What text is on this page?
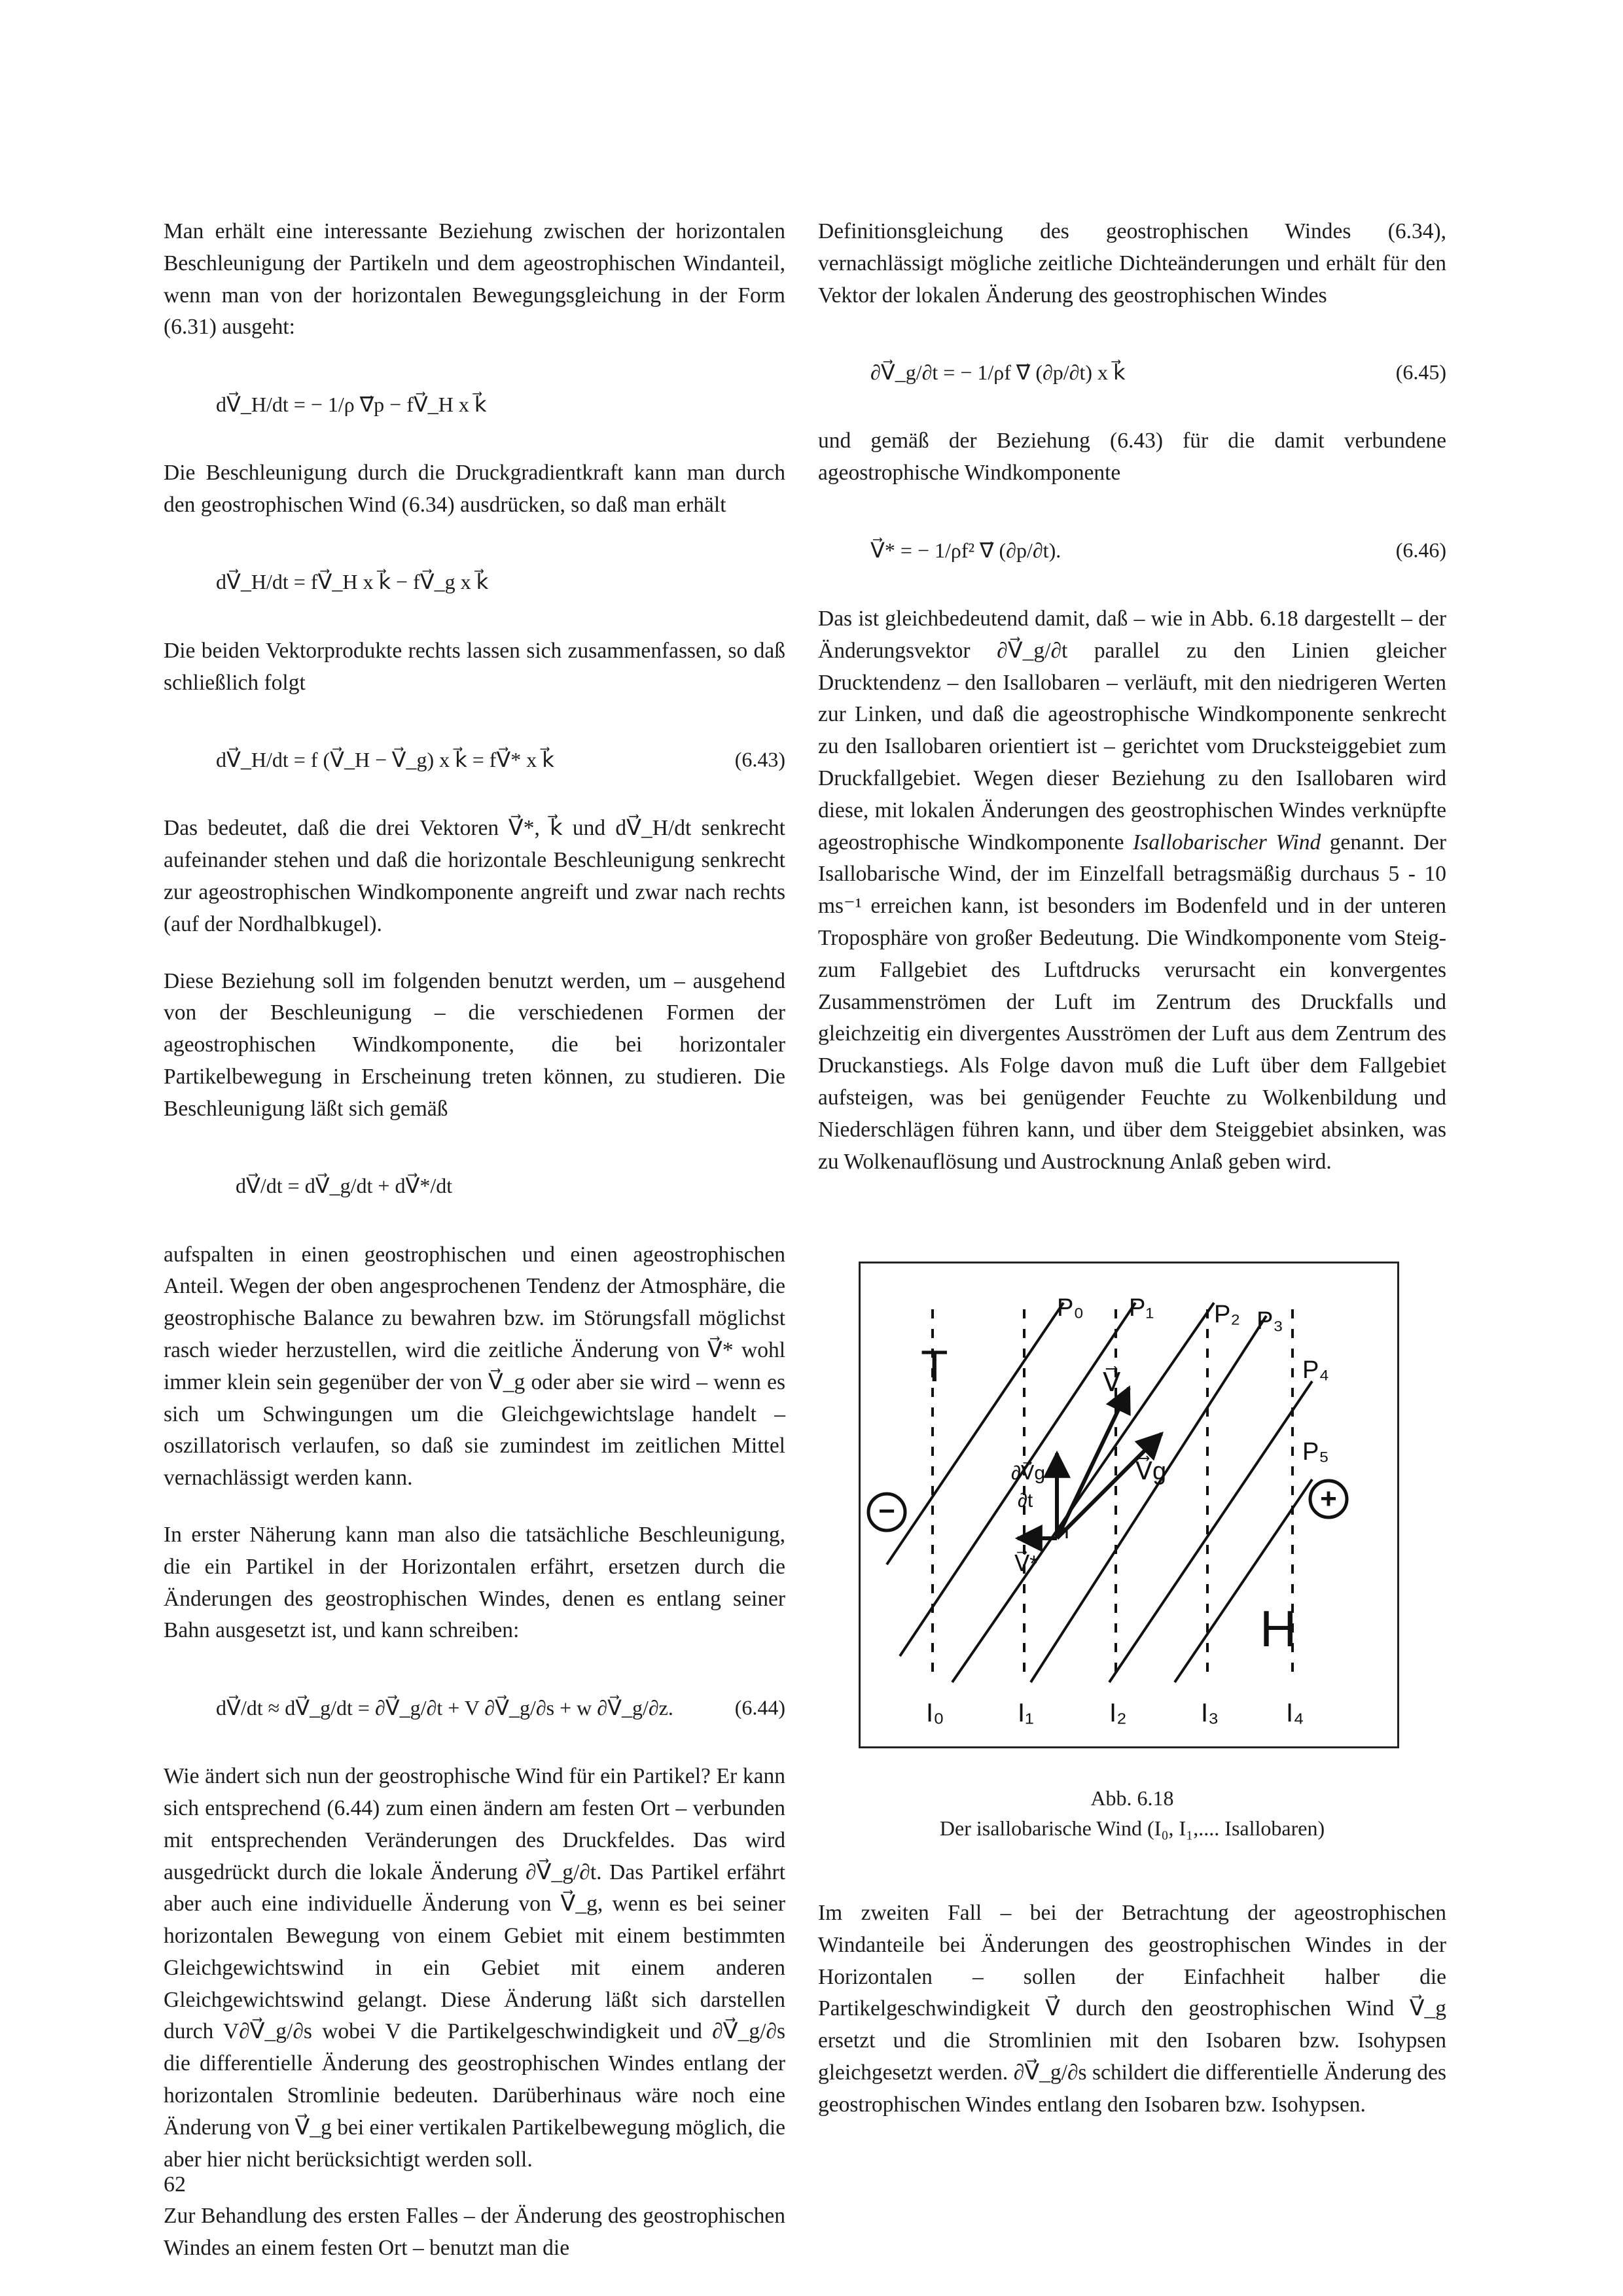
Man erhält eine interessante Beziehung zwischen der horizontalen Beschleunigung der Partikeln und dem ageostrophischen Windanteil, wenn man von der horizontalen Bewegungsgleichung in der Form (6.31) ausgeht:

dV⃗_H/dt = − 1/ρ ∇⃗p − fV⃗_H x k⃗

Die Beschleunigung durch die Druckgradientkraft kann man durch den geostrophischen Wind (6.34) ausdrücken, so daß man erhält

dV⃗_H/dt = fV⃗_H x k⃗ − fV⃗_g x k⃗

Die beiden Vektorprodukte rechts lassen sich zusammenfassen, so daß schließlich folgt

dV⃗_H/dt = f (V⃗_H − V⃗_g) x k⃗ = fV⃗* x k⃗	(6.43)

Das bedeutet, daß die drei Vektoren V⃗*, k⃗ und dV⃗_H/dt senkrecht aufeinander stehen und daß die horizontale Beschleunigung senkrecht zur ageostrophischen Windkomponente angreift und zwar nach rechts (auf der Nordhalbkugel).

Diese Beziehung soll im folgenden benutzt werden, um – ausgehend von der Beschleunigung – die verschiedenen Formen der ageostrophischen Windkomponente, die bei horizontaler Partikelbewegung in Erscheinung treten können, zu studieren. Die Beschleunigung läßt sich gemäß

dV⃗/dt = dV⃗_g/dt + dV⃗*/dt

aufspalten in einen geostrophischen und einen ageostrophischen Anteil. Wegen der oben angesprochenen Tendenz der Atmosphäre, die geostrophische Balance zu bewahren bzw. im Störungsfall möglichst rasch wieder herzustellen, wird die zeitliche Änderung von V⃗* wohl immer klein sein gegenüber der von V⃗_g oder aber sie wird – wenn es sich um Schwingungen um die Gleichgewichtslage handelt – oszillatorisch verlaufen, so daß sie zumindest im zeitlichen Mittel vernachlässigt werden kann.

In erster Näherung kann man also die tatsächliche Beschleunigung, die ein Partikel in der Horizontalen erfährt, ersetzen durch die Änderungen des geostrophischen Windes, denen es entlang seiner Bahn ausgesetzt ist, und kann schreiben:

dV⃗/dt ≈ dV⃗_g/dt = ∂V⃗_g/∂t + V ∂V⃗_g/∂s + w ∂V⃗_g/∂z.	(6.44)

Wie ändert sich nun der geostrophische Wind für ein Partikel? Er kann sich entsprechend (6.44) zum einen ändern am festen Ort – verbunden mit entsprechenden Veränderungen des Druckfeldes. Das wird ausgedrückt durch die lokale Änderung ∂V⃗_g/∂t. Das Partikel erfährt aber auch eine individuelle Änderung von V⃗_g, wenn es bei seiner horizontalen Bewegung von einem Gebiet mit einem bestimmten Gleichgewichtswind in ein Gebiet mit einem anderen Gleichgewichtswind gelangt. Diese Änderung läßt sich darstellen durch V∂V⃗_g/∂s wobei V die Partikelgeschwindigkeit und ∂V⃗_g/∂s die differentielle Änderung des geostrophischen Windes entlang der horizontalen Stromlinie bedeuten. Darüberhinaus wäre noch eine Änderung von V⃗_g bei einer vertikalen Partikelbewegung möglich, die aber hier nicht berücksichtigt werden soll.

Zur Behandlung des ersten Falles – der Änderung des geostrophischen Windes an einem festen Ort – benutzt man die

Definitionsgleichung des geostrophischen Windes (6.34), vernachlässigt mögliche zeitliche Dichteänderungen und erhält für den Vektor der lokalen Änderung des geostrophischen Windes

∂V⃗_g/∂t = − 1/ρf ∇⃗ (∂p/∂t) x k⃗	(6.45)

und gemäß der Beziehung (6.43) für die damit verbundene ageostrophische Windkomponente

V⃗* = − 1/ρf² ∇⃗ (∂p/∂t).	(6.46)

Das ist gleichbedeutend damit, daß – wie in Abb. 6.18 dargestellt – der Änderungsvektor ∂V⃗_g/∂t parallel zu den Linien gleicher Drucktendenz – den Isallobaren – verläuft, mit den niedrigeren Werten zur Linken, und daß die ageostrophische Windkomponente senkrecht zu den Isallobaren orientiert ist – gerichtet vom Drucksteiggebiet zum Druckfallgebiet. Wegen dieser Beziehung zu den Isallobaren wird diese, mit lokalen Änderungen des geostrophischen Windes verknüpfte ageostrophische Windkomponente Isallobarischer Wind genannt. Der Isallobarische Wind, der im Einzelfall betragsmäßig durchaus 5 - 10 ms⁻¹ erreichen kann, ist besonders im Bodenfeld und in der unteren Troposphäre von großer Bedeutung. Die Windkomponente vom Steig- zum Fallgebiet des Luftdrucks verursacht ein konvergentes Zusammenströmen der Luft im Zentrum des Druckfalls und gleichzeitig ein divergentes Ausströmen der Luft aus dem Zentrum des Druckanstiegs. Als Folge davon muß die Luft über dem Fallgebiet aufsteigen, was bei genügender Feuchte zu Wolkenbildung und Niederschlägen führen kann, und über dem Steiggebiet absinken, was zu Wolkenauflösung und Austrocknung Anlaß geben wird.

T
H
−	+
P₀ P₁ P₂ P₃
P₄
P₅
I₀	I₁	I₂	I₃	I₄
V⃗
V⃗g
∂V⃗g
∂t
V⃗*
Abb. 6.18
Der isallobarische Wind (I₀, I₁,.... Isallobaren)

Im zweiten Fall – bei der Betrachtung der ageostrophischen Windanteile bei Änderungen des geostrophischen Windes in der Horizontalen – sollen der Einfachheit halber die Partikelgeschwindigkeit V⃗ durch den geostrophischen Wind V⃗_g ersetzt und die Stromlinien mit den Isobaren bzw. Isohypsen gleichgesetzt werden. ∂V⃗_g/∂s schildert die differentielle Änderung des geostrophischen Windes entlang den Isobaren bzw. Isohypsen.

62
